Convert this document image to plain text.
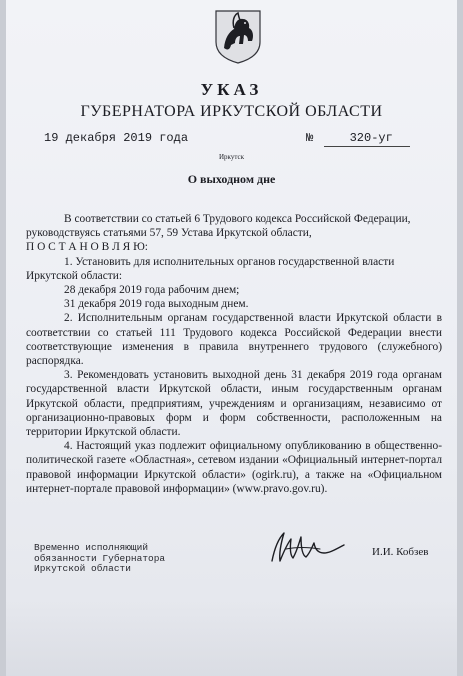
УКАЗ
ГУБЕРНАТОРА ИРКУТСКОЙ ОБЛАСТИ
19 декабря 2019 года	№	320-уг
Иркутск
О выходном дне

В соответствии со статьей 6 Трудового кодекса Российской Федерации,

руководствуясь статьями 57, 59 Устава Иркутской области,

П О С Т А Н О В Л Я Ю:

1. Установить для исполнительных органов государственной власти

Иркутской области:

28 декабря 2019 года рабочим днем;

31 декабря 2019 года выходным днем.

2. Исполнительным органам государственной власти Иркутской области в соответствии со статьей 111 Трудового кодекса Российской Федерации внести соответствующие изменения в правила внутреннего трудового (служебного) распорядка.

3. Рекомендовать установить выходной день 31 декабря 2019 года органам государственной власти Иркутской области, иным государственным органам Иркутской области, предприятиям, учреждениям и организациям, независимо от организационно-правовых форм и форм собственности, расположенным на территории Иркутской области.

4. Настоящий указ подлежит официальному опубликованию в общественно-политической газете «Областная», сетевом издании «Официальный интернет-портал правовой информации Иркутской области» (ogirk.ru), а также на «Официальном интернет-портале правовой информации» (www.pravo.gov.ru).

Временно исполняющий

обязанности Губернатора

Иркутской области

И.И. Кобзев
